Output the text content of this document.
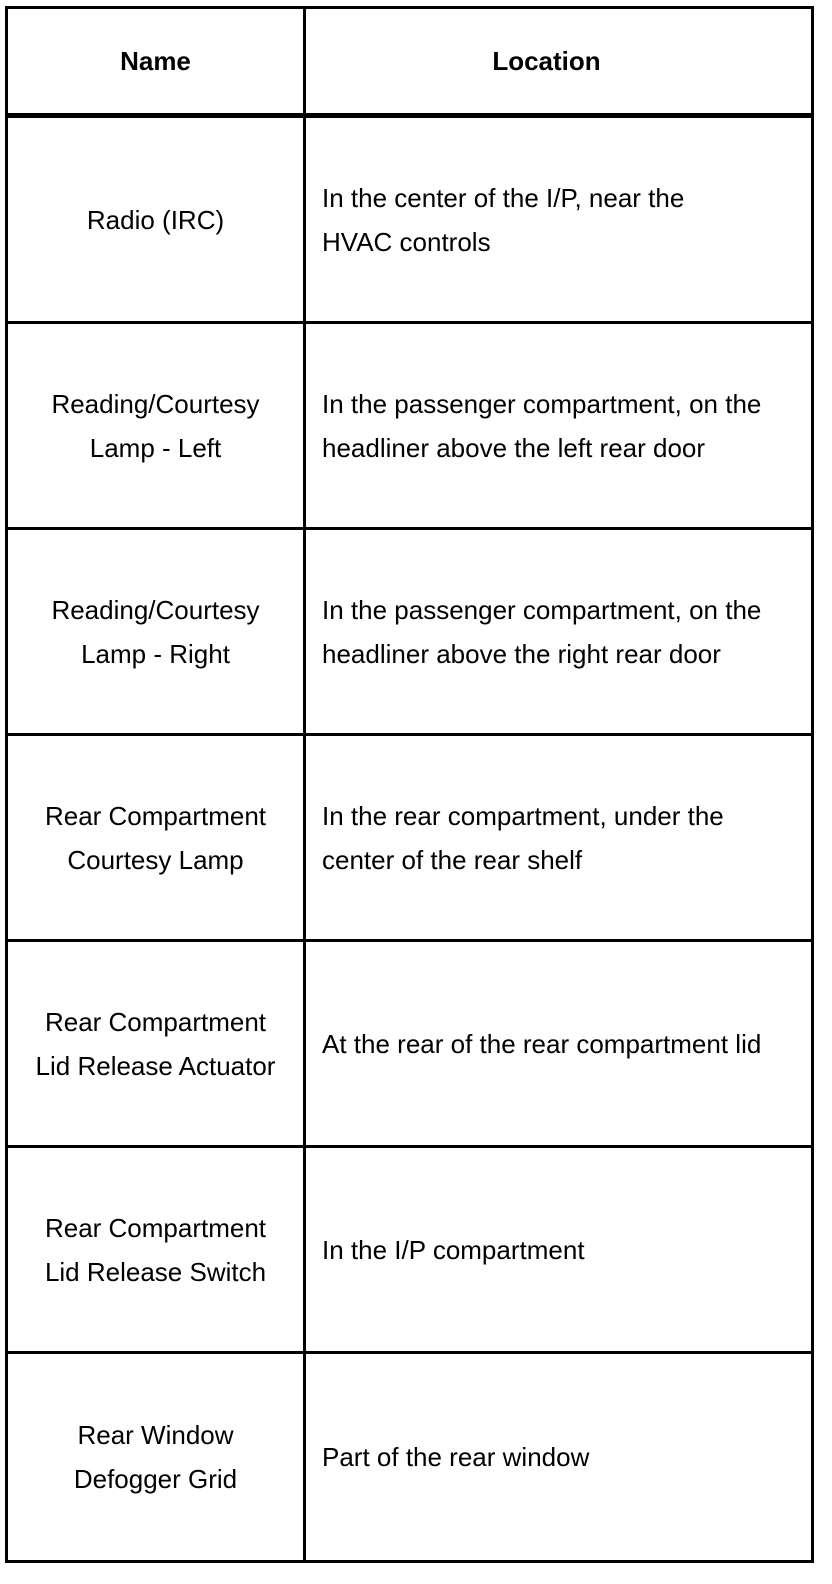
Name	Location
Radio (IRC)
In the center of the I/P, near the HVAC controls
Reading/Courtesy Lamp - Left
In the passenger compartment, on the headliner above the left rear door
Reading/Courtesy Lamp - Right
In the passenger compartment, on the headliner above the right rear door
Rear Compartment Courtesy Lamp
In the rear compartment, under the center of the rear shelf
Rear Compartment Lid Release Actuator
At the rear of the rear compartment lid
Rear Compartment Lid Release Switch
In the I/P compartment
Rear Window Defogger Grid
Part of the rear window
